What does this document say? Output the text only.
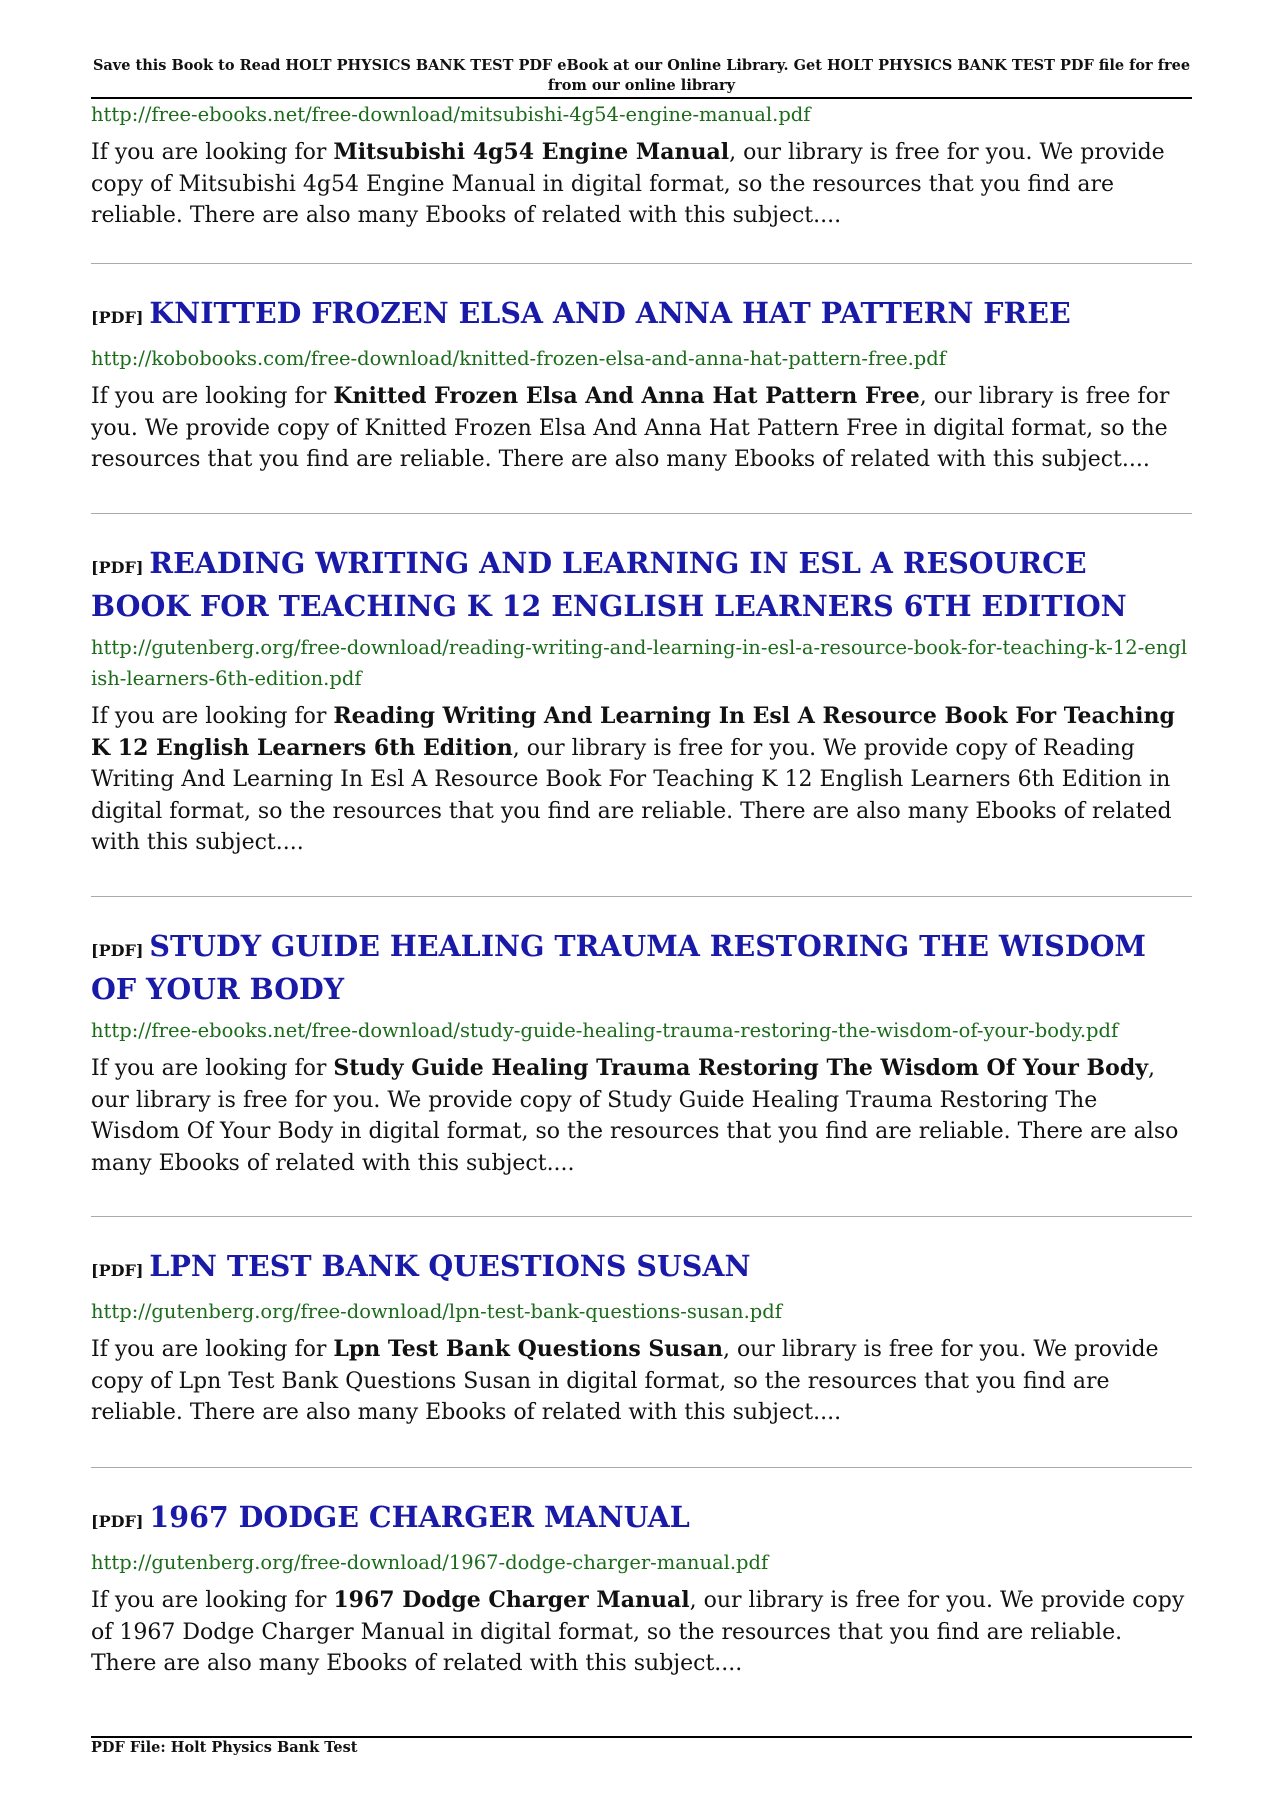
Save this Book to Read HOLT PHYSICS BANK TEST PDF eBook at our Online Library. Get HOLT PHYSICS BANK TEST PDF file for free from our online library
http://free-ebooks.net/free-download/mitsubishi-4g54-engine-manual.pdf
If you are looking for Mitsubishi 4g54 Engine Manual, our library is free for you. We provide copy of Mitsubishi 4g54 Engine Manual in digital format, so the resources that you find are reliable. There are also many Ebooks of related with this subject....
[PDF] KNITTED FROZEN ELSA AND ANNA HAT PATTERN FREE
http://kobobooks.com/free-download/knitted-frozen-elsa-and-anna-hat-pattern-free.pdf
If you are looking for Knitted Frozen Elsa And Anna Hat Pattern Free, our library is free for you. We provide copy of Knitted Frozen Elsa And Anna Hat Pattern Free in digital format, so the resources that you find are reliable. There are also many Ebooks of related with this subject....
[PDF] READING WRITING AND LEARNING IN ESL A RESOURCE BOOK FOR TEACHING K 12 ENGLISH LEARNERS 6TH EDITION
http://gutenberg.org/free-download/reading-writing-and-learning-in-esl-a-resource-book-for-teaching-k-12-english-learners-6th-edition.pdf
If you are looking for Reading Writing And Learning In Esl A Resource Book For Teaching K 12 English Learners 6th Edition, our library is free for you. We provide copy of Reading Writing And Learning In Esl A Resource Book For Teaching K 12 English Learners 6th Edition in digital format, so the resources that you find are reliable. There are also many Ebooks of related with this subject....
[PDF] STUDY GUIDE HEALING TRAUMA RESTORING THE WISDOM OF YOUR BODY
http://free-ebooks.net/free-download/study-guide-healing-trauma-restoring-the-wisdom-of-your-body.pdf
If you are looking for Study Guide Healing Trauma Restoring The Wisdom Of Your Body, our library is free for you. We provide copy of Study Guide Healing Trauma Restoring The Wisdom Of Your Body in digital format, so the resources that you find are reliable. There are also many Ebooks of related with this subject....
[PDF] LPN TEST BANK QUESTIONS SUSAN
http://gutenberg.org/free-download/lpn-test-bank-questions-susan.pdf
If you are looking for Lpn Test Bank Questions Susan, our library is free for you. We provide copy of Lpn Test Bank Questions Susan in digital format, so the resources that you find are reliable. There are also many Ebooks of related with this subject....
[PDF] 1967 DODGE CHARGER MANUAL
http://gutenberg.org/free-download/1967-dodge-charger-manual.pdf
If you are looking for 1967 Dodge Charger Manual, our library is free for you. We provide copy of 1967 Dodge Charger Manual in digital format, so the resources that you find are reliable. There are also many Ebooks of related with this subject....
PDF File: Holt Physics Bank Test
